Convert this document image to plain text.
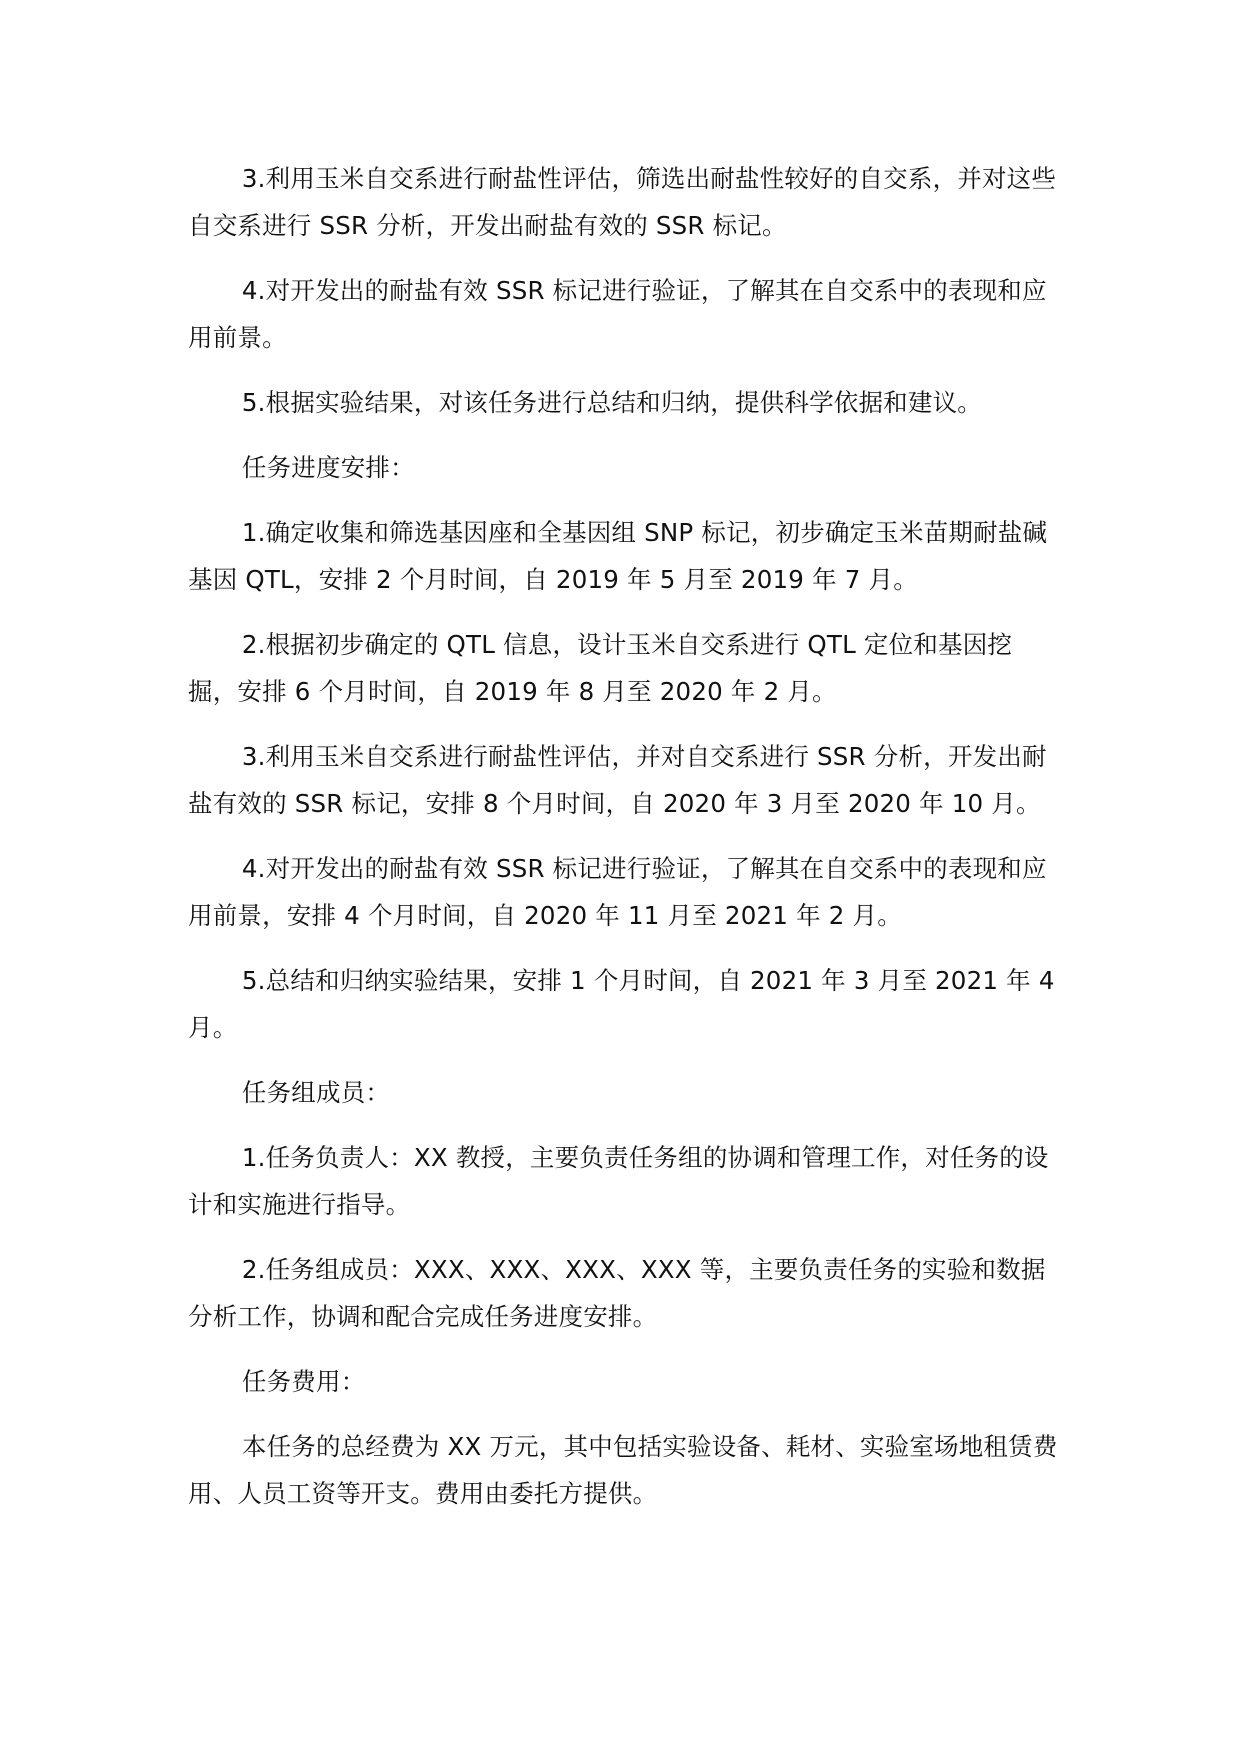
3.利用玉米自交系进行耐盐性评估，筛选出耐盐性较好的自交系，并对这些自交系进行 SSR 分析，开发出耐盐有效的 SSR 标记。

4.对开发出的耐盐有效 SSR 标记进行验证，了解其在自交系中的表现和应用前景。

5.根据实验结果，对该任务进行总结和归纳，提供科学依据和建议。

任务进度安排：

1.确定收集和筛选基因座和全基因组 SNP 标记，初步确定玉米苗期耐盐碱基因 QTL，安排 2 个月时间，自 2019 年 5 月至 2019 年 7 月。

2.根据初步确定的 QTL 信息，设计玉米自交系进行 QTL 定位和基因挖掘，安排 6 个月时间，自 2019 年 8 月至 2020 年 2 月。

3.利用玉米自交系进行耐盐性评估，并对自交系进行 SSR 分析，开发出耐盐有效的 SSR 标记，安排 8 个月时间，自 2020 年 3 月至 2020 年 10 月。

4.对开发出的耐盐有效 SSR 标记进行验证，了解其在自交系中的表现和应用前景，安排 4 个月时间，自 2020 年 11 月至 2021 年 2 月。

5.总结和归纳实验结果，安排 1 个月时间，自 2021 年 3 月至 2021 年 4 月。

任务组成员：

1.任务负责人：XX 教授，主要负责任务组的协调和管理工作，对任务的设计和实施进行指导。

2.任务组成员：XXX、XXX、XXX、XXX 等，主要负责任务的实验和数据分析工作，协调和配合完成任务进度安排。

任务费用：

本任务的总经费为 XX 万元，其中包括实验设备、耗材、实验室场地租赁费用、人员工资等开支。费用由委托方提供。
